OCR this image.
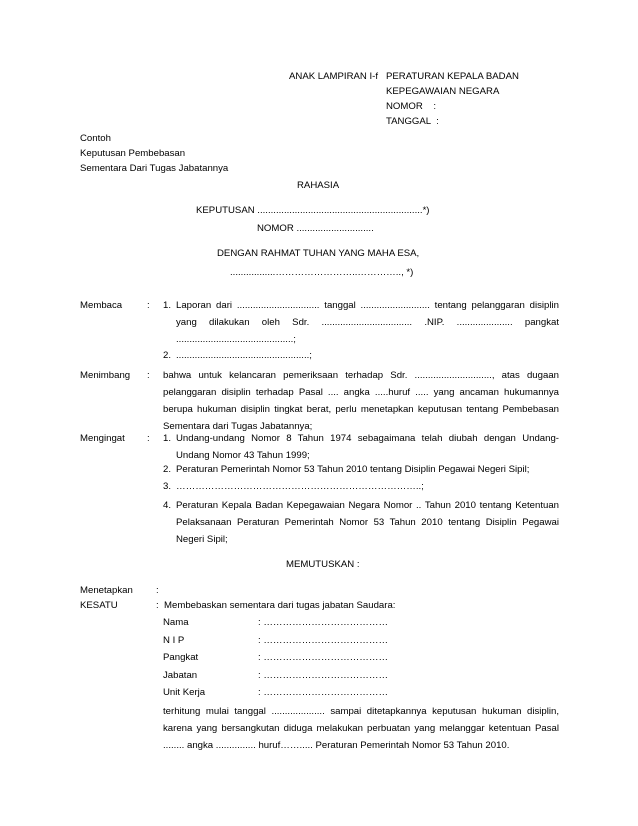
ANAK LAMPIRAN I-f PERATURAN KEPALA BADAN
KEPEGAWAIAN NEGARA
NOMOR    :
TANGGAL  :
Contoh
Keputusan Pembebasan
Sementara Dari Tugas Jabatannya
RAHASIA
KEPUTUSAN ..............................................................*)
NOMOR .............................
DENGAN RAHMAT TUHAN YANG MAHA ESA,
.................……………………..………….., *)
Membaca	: 1. Laporan dari ............................... tanggal .......................... tentang pelanggaran disiplin yang dilakukan oleh Sdr. .................................. .NIP. ..................... pangkat ............................................;
2. ..................................................;
Menimbang : bahwa untuk kelancaran pemeriksaan terhadap Sdr. ............................., atas dugaan pelanggaran disiplin terhadap Pasal .... angka .....huruf ..... yang ancaman hukumannya berupa hukuman disiplin tingkat berat, perlu menetapkan keputusan tentang Pembebasan Sementara dari Tugas Jabatannya;
Mengingat : 1. Undang-undang Nomor 8 Tahun 1974 sebagaimana telah diubah dengan Undang-Undang Nomor 43 Tahun 1999;
2. Peraturan Pemerintah Nomor 53 Tahun 2010 tentang Disiplin Pegawai Negeri Sipil;
3. …………………………………………………………………..;
4. Peraturan Kepala Badan Kepegawaian Negara Nomor .. Tahun 2010 tentang Ketentuan Pelaksanaan Peraturan Pemerintah Nomor 53 Tahun 2010 tentang Disiplin Pegawai Negeri Sipil;
MEMUTUSKAN :
Menetapkan :
KESATU	: Membebaskan sementara dari tugas jabatan Saudara:
Nama	: …………………………………
N I P	: …………………………………
Pangkat	: …………………………………
Jabatan	: …………………………………
Unit Kerja	: …………………………………
terhitung mulai tanggal .................... sampai ditetapkannya keputusan hukuman disiplin, karena yang bersangkutan diduga melakukan perbuatan yang melanggar ketentuan Pasal ........ angka ............... huruf……..... Peraturan Pemerintah Nomor 53 Tahun 2010.
